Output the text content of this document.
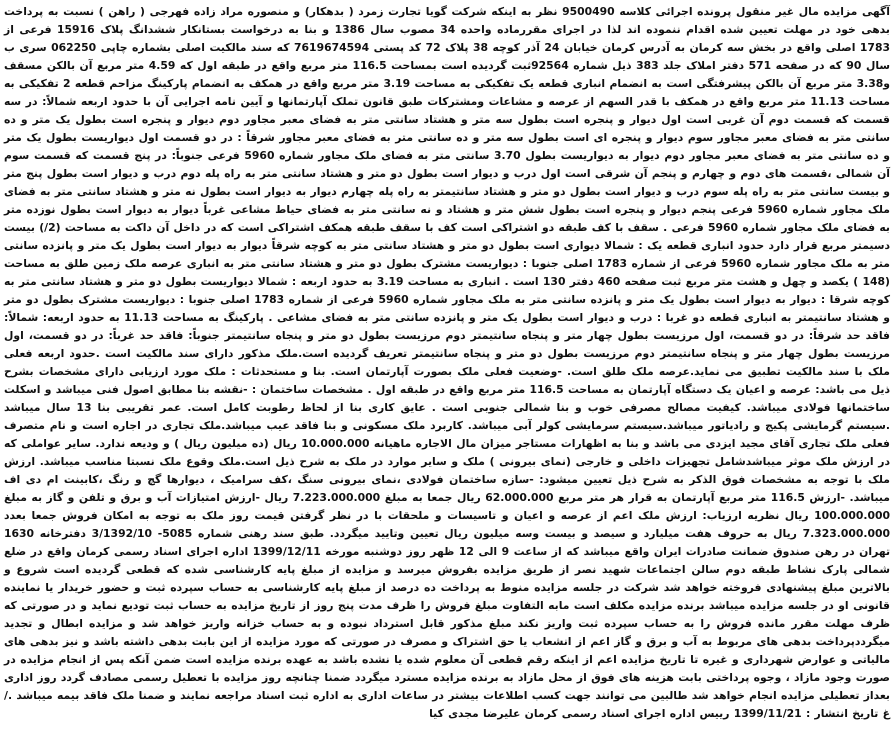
آگهی مزایده مال غیر منقول پرونده اجرائی کلاسه 9500490 نظر به اینکه شرکت گویا تجارت زمرد ( بدهکار) و منصوره مراد زاده فهرجی ( راهن ) نسبت به پرداخت بدهی خود در مهلت تعیین شده اقدام ننموده اند لذا در اجرای مقررماده واحده 34 مصوب سال 1386 و بنا به درخواست بستانکار ششدانگ پلاک 15916 فرعی از 1783 اصلی واقع در بخش سه کرمان به آدرس کرمان خیابان 24 آذر کوچه 38 پلاک 72 کد پستی 7619674594 که سند مالکیت اصلی بشماره چاپی 062250 سری ب سال 90 که در صفحه 571 دفتر املاک جلد 383 ذیل شماره 92564ثبت گردیده است بمساحت 116.5 متر مربع واقع در طبقه اول که 4.59 متر مربع آن بالکن مسقف و3.38 متر مربع آن بالکن پیشرفتگی است به انضمام انباری قطعه یک تفکیکی به مساحت 3.19 متر مربع واقع در همکف به انضمام پارکینگ مزاحم قطعه 2 تفکیکی به مساحت 11.13 متر مربع واقع در همکف با قدر السهم از عرصه و مشاعات ومشترکات طبق قانون تملک آپارتمانها و آیین نامه اجرایی آن با حدود اربعه شمالاً: در سه قسمت که قسمت دوم آن غربی است اول دیوار و پنجره است بطول سه متر و هشتاد سانتی متر به فضای معبر مجاور دوم دیوار و پنجره است بطول یک متر و ده سانتی متر به فضای معبر مجاور سوم دیوار و پنجره ای است بطول سه متر و ده سانتی متر به فضای معبر مجاور شرقاً : در دو قسمت اول دیواریست بطول یک متر و ده سانتی متر به فضای معبر مجاور دوم دیوار به دیواریست بطول 3.70 سانتی متر به فضای ملک مجاور شماره 5960 فرعی جنوباً: در پنج قسمت که قسمت سوم آن شمالی ،قسمت های دوم و چهارم و پنجم آن شرقی است اول درب و دیوار است بطول دو متر و هشتاد سانتی متر به راه پله دوم درب و دیوار است بطول پنج متر و بیست سانتی متر به راه پله سوم درب و دیوار است بطول دو متر و هشتاد سانتیمتر به راه پله چهارم دیوار به دیوار است بطول نه متر و هشتاد سانتی متر به فضای ملک مجاور شماره 5960 فرعی پنجم دیوار و پنجره است بطول شش متر و هشتاد و نه سانتی متر به فضای حیاط مشاعی غرباً دیوار به دیوار است بطول نوزده متر به فضای ملک مجاور شماره 5960 فرعی . سقف با کف طبقه دو اشتراکی است کف با سقف طبقه همکف اشتراکی است که در داخل آن داکت به مساحت (2/) بیست دسیمتر مربع قرار دارد حدود انباری قطعه یک : شمالا دیواری است بطول دو متر و هشتاد سانتی متر به کوچه شرقاً دیوار به دیوار است بطول یک متر و پانزده سانتی متر به ملک مجاور شماره 5960 فرعی از شماره 1783 اصلی جنوبا : دیواریست مشترک بطول دو متر و هشتاد سانتی متر به انباری عرصه ملک زمین طلق به مساحت (148 ) یکصد و چهل و هشت متر مربع ثبت صفحه 460 دفتر 130 است . انباری به مساحت 3.19 به حدود اربعه : شمالا دیواریست بطول دو متر و هشتاد سانتی متر به کوچه شرقا : دیوار به دیوار است بطول یک متر و پانزده سانتی متر به ملک مجاور شماره 5960 فرعی از شماره 1783 اصلی جنوبا : دیواریست مشترک بطول دو متر و هشتاد سانتیمتر به انباری قطعه دو غربا : درب و دیوار است بطول یک متر و پانزده سانتی متر به فضای مشاعی . پارکینگ به مساحت 11.13 به حدود اربعه: شمالاً: فاقد حد شرقاً: در دو قسمت، اول مرزیست بطول چهار متر و پنجاه سانتیمتر دوم مرزیست بطول دو متر و پنجاه سانتیمتر جنوباً: فاقد حد غرباً: در دو قسمت، اول مرزیست بطول چهار متر و پنجاه سانتیمتر دوم مرزیست بطول دو متر و پنجاه سانتیمتر تعریف گردیده است.ملک مذکور دارای سند مالکیت است .حدود اربعه فعلی ملک با سند مالکیت تطبیق می نماید.عرصه ملک طلق است. -وضعیت فعلی ملک بصورت آپارتمان است. بنا و مستحدثات : ملک مورد ارزیابی دارای مشخصات بشرح ذیل می باشد: عرصه و اعیان یک دستگاه آپارتمان به مساحت 116.5 متر مربع واقع در طبقه اول . مشخصات ساختمان : -نقشه بنا مطابق اصول فنی میباشد و اسکلت ساختمانها فولادی میباشد. کیفیت مصالح مصرفی خوب و بنا شمالی جنوبی است . عایق کاری بنا از لحاظ رطوبت کامل است. عمر تقریبی بنا 13 سال میباشد .سیستم گرمایشی پکیج و رادیاتور میباشد.سیستم سرمایشی کولر آبی میباشد. کاربرد ملک مسکونی و بنا فاقد عیب میباشد.ملک تجاری در اجاره است و نام متصرف فعلی ملک تجاری آقای مجید ایزدی می باشد و بنا به اظهارات مستاجر میزان مال الاجاره ماهیانه 10.000.000 ریال (ده میلیون ریال ) و ودیعه ندارد. سایر عواملی که در ارزش ملک موثر میباشدشامل تجهیزات داخلی و خارجی (نمای بیرونی ) ملک و سایر موارد در ملک به شرح ذیل است.ملک وقوع ملک نسبتا مناسب میباشد. ارزش ملک با توجه به مشخصات فوق الذکر به شرح ذیل تعیین میشود: -سازه ساختمان فولادی ،نمای بیرونی سنگ ،کف سرامیک ، دیوارها گچ و رنگ ،کابینت ام دی اف میباشد. -ارزش 116.5 متر مربع آپارتمان به قرار هر متر مربع 62.000.000 ریال جمعا به مبلغ 7.223.000.000 ریال -ارزش امتیازات آب و برق و تلفن و گاز به مبلغ 100.000.000 ریال نظریه ارزیاب: ارزش ملک اعم از عرصه و اعیان و تاسیسات و ملحقات با در نظر گرفتن قیمت روز ملک به توجه به امکان فروش جمعا بعدد 7.323.000.000 ریال به حروف هفت میلیارد و سیصد و بیست وسه میلیون ریال تعیین وتایید میگردد. طبق سند رهنی شماره 5085- 3/1392/10 دفترخانه 1630 تهران در رهن صندوق ضمانت صادرات ایران واقع میباشد که از ساعت 9 الی 12 ظهر روز دوشنبه مورخه 1399/12/11 اداره اجرای اسناد رسمی کرمان واقع در ضلع شمالی پارک نشاط طبقه دوم سالن اجتماعات شهید نصر از طریق مزایده بفروش میرسد و مزایده از مبلغ پایه کارشناسی شده که قطعی گردیده است شروع و بالاترین مبلغ پیشنهادی فروخته خواهد شد شرکت در جلسه مزایده منوط به پرداخت ده درصد از مبلغ پایه کارشناسی به حساب سپرده ثبت و حضور خریدار یا نماینده قانونی او در جلسه مزایده میباشد برنده مزایده مکلف است مابه التفاوت مبلغ فروش را ظرف مدت پنج روز از تاریخ مزایده به حساب ثبت تودیع نماید و در صورتی که ظرف مهلت مقرر مانده فروش را به حساب سپرده ثبت واریز نکند مبلغ مذکور قابل استرداد نبوده و به حساب خزانه واریز خواهد شد و مزایده ابطال و تجدید میگرددپرداخت بدهی های مربوط به آب و برق و گاز اعم از انشعاب یا حق اشتراک و مصرف در صورتی که مورد مزایده از این بابت بدهی داشته باشد و نیز بدهی های مالیاتی و عوارض شهرداری و غیره تا تاریخ مزایده اعم از اینکه رقم قطعی آن معلوم شده یا نشده باشد به عهده برنده مزایده است ضمن آنکه پس از انجام مزایده در صورت وجود مازاد ، وجوه پرداختی بابت هزینه های فوق از محل مازاد به برنده مزایده مسترد میگردد ضمنا چنانچه روز مزایده با تعطیل رسمی مصادف گردد روز اداری بعداز تعطیلی مزایده انجام خواهد شد طالبین می توانند جهت کسب اطلاعات بیشتر در ساعات اداری به اداره ثبت اسناد مراجعه نمایند و ضمنا ملک فاقد بیمه میباشد ./غ تاریخ انتشار : 1399/11/21 رییس اداره اجرای اسناد رسمی کرمان علیرضا مجدی کیا
